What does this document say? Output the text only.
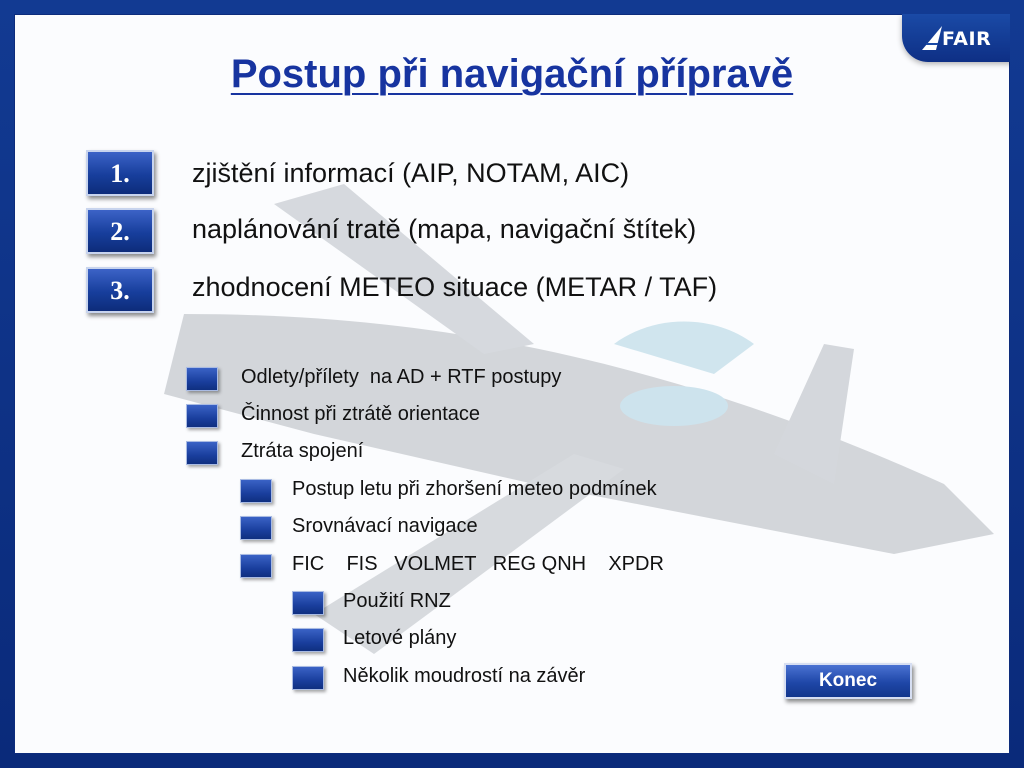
FAIR
Postup při navigační přípravě
1.	zjištění informací (AIP, NOTAM, AIC)
2.	naplánování tratě (mapa, navigační štítek)
3.	zhodnocení METEO situace (METAR / TAF)
Odlety/přílety  na AD + RTF postupy
Činnost při ztrátě orientace
Ztráta spojení
Postup letu při zhoršení meteo podmínek
Srovnávací navigace
FIC    FIS   VOLMET   REG QNH    XPDR
Použití RNZ
Letové plány
Několik moudrostí na závěr	Konec
